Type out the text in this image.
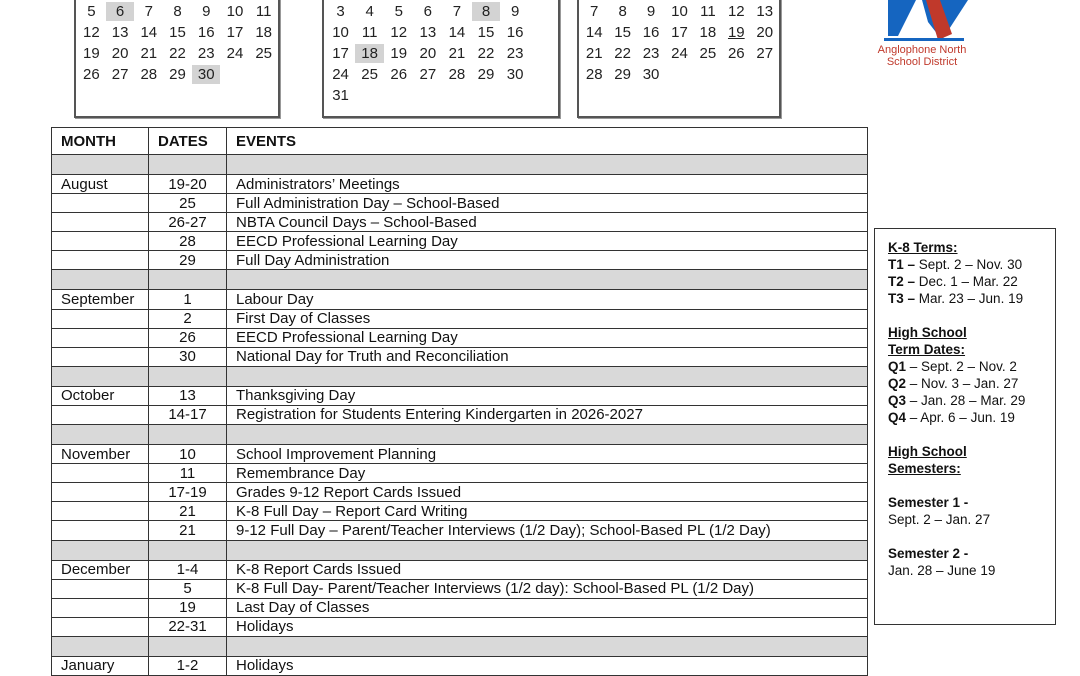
5	6	7	8	9	10 11
12 13 14 15 16 17 18
19 20 21 22 23 24 25
26 27 28 29 30
3	4	5	6	7	8	9
10 11 12 13 14 15 16
17 18 19 20 21 22 23
24 25 26 27 28 29 30
31
7	8	9	10 11 12 13
14 15 16 17 18 19 20
21 22 23 24 25 26 27
28 29 30
Anglophone North
School District
MONTH	DATES	EVENTS

August	19-20	Administrators’ Meetings
	25	Full Administration Day – School-Based
	26-27	NBTA Council Days – School-Based
	28	EECD Professional Learning Day
	29	Full Day Administration

September	1	Labour Day
	2	First Day of Classes
	26	EECD Professional Learning Day
	30	National Day for Truth and Reconciliation

October	13	Thanksgiving Day
	14-17	Registration for Students Entering Kindergarten in 2026-2027

November	10	School Improvement Planning
	11	Remembrance Day
	17-19	Grades 9-12 Report Cards Issued
	21	K-8 Full Day – Report Card Writing
	21	9-12 Full Day – Parent/Teacher Interviews (1/2 Day); School-Based PL (1/2 Day)

December	1-4	K-8 Report Cards Issued
	5	K-8 Full Day- Parent/Teacher Interviews (1/2 day): School-Based PL (1/2 Day)
	19	Last Day of Classes
	22-31	Holidays

January	1-2	Holidays
K-8 Terms:
T1 – Sept. 2 – Nov. 30
T2 – Dec. 1 – Mar. 22
T3 – Mar. 23 – Jun. 19
High School
Term Dates:
Q1 – Sept. 2 – Nov. 2
Q2 – Nov. 3 – Jan. 27
Q3 – Jan. 28 – Mar. 29
Q4 – Apr. 6 – Jun. 19
High School
Semesters:
Semester 1 -
Sept. 2 – Jan. 27
Semester 2 -
Jan. 28 – June 19
